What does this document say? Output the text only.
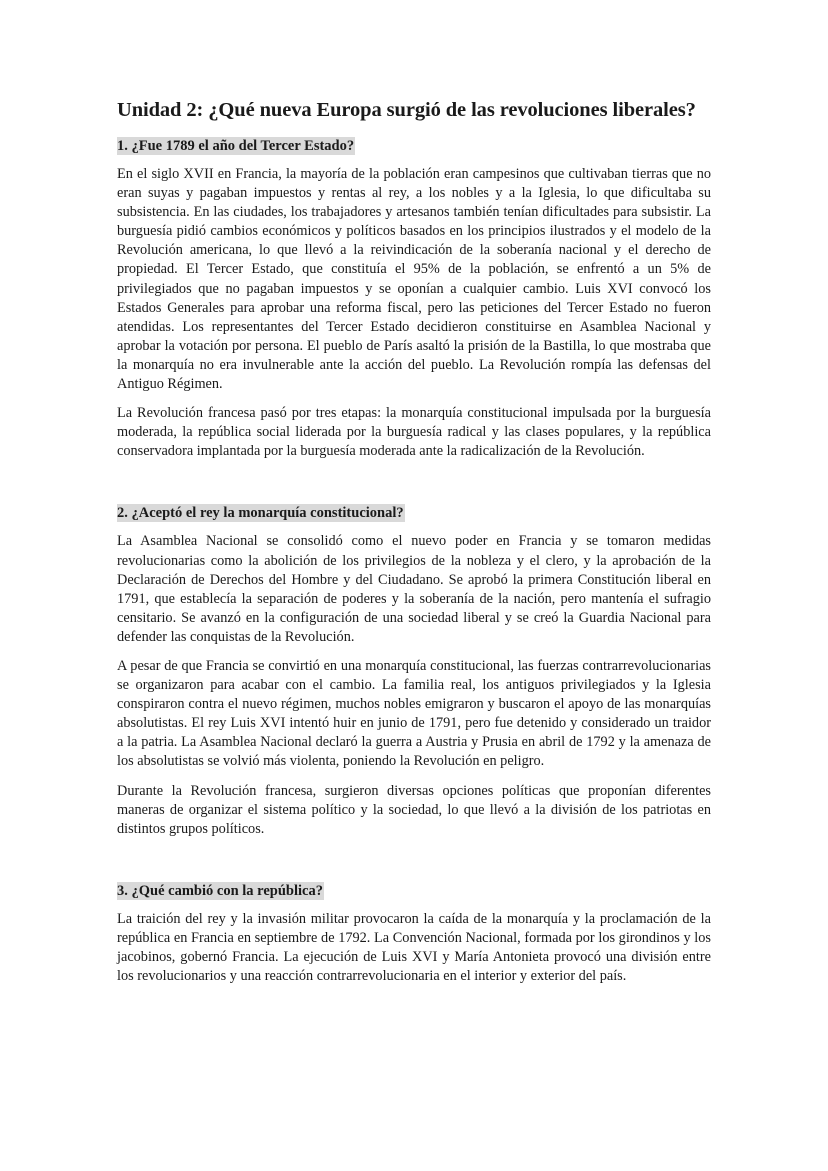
Unidad 2: ¿Qué nueva Europa surgió de las revoluciones liberales?
1. ¿Fue 1789 el año del Tercer Estado?

En el siglo XVII en Francia, la mayoría de la población eran campesinos que cultivaban tierras que no eran suyas y pagaban impuestos y rentas al rey, a los nobles y a la Iglesia, lo que dificultaba su subsistencia. En las ciudades, los trabajadores y artesanos también tenían dificultades para subsistir. La burguesía pidió cambios económicos y políticos basados en los principios ilustrados y el modelo de la Revolución americana, lo que llevó a la reivindicación de la soberanía nacional y el derecho de propiedad. El Tercer Estado, que constituía el 95% de la población, se enfrentó a un 5% de privilegiados que no pagaban impuestos y se oponían a cualquier cambio. Luis XVI convocó los Estados Generales para aprobar una reforma fiscal, pero las peticiones del Tercer Estado no fueron atendidas. Los representantes del Tercer Estado decidieron constituirse en Asamblea Nacional y aprobar la votación por persona. El pueblo de París asaltó la prisión de la Bastilla, lo que mostraba que la monarquía no era invulnerable ante la acción del pueblo. La Revolución rompía las defensas del Antiguo Régimen.

La Revolución francesa pasó por tres etapas: la monarquía constitucional impulsada por la burguesía moderada, la república social liderada por la burguesía radical y las clases populares, y la república conservadora implantada por la burguesía moderada ante la radicalización de la Revolución.

2. ¿Aceptó el rey la monarquía constitucional?

La Asamblea Nacional se consolidó como el nuevo poder en Francia y se tomaron medidas revolucionarias como la abolición de los privilegios de la nobleza y el clero, y la aprobación de la Declaración de Derechos del Hombre y del Ciudadano. Se aprobó la primera Constitución liberal en 1791, que establecía la separación de poderes y la soberanía de la nación, pero mantenía el sufragio censitario. Se avanzó en la configuración de una sociedad liberal y se creó la Guardia Nacional para defender las conquistas de la Revolución.

A pesar de que Francia se convirtió en una monarquía constitucional, las fuerzas contrarrevolucionarias se organizaron para acabar con el cambio. La familia real, los antiguos privilegiados y la Iglesia conspiraron contra el nuevo régimen, muchos nobles emigraron y buscaron el apoyo de las monarquías absolutistas. El rey Luis XVI intentó huir en junio de 1791, pero fue detenido y considerado un traidor a la patria. La Asamblea Nacional declaró la guerra a Austria y Prusia en abril de 1792 y la amenaza de los absolutistas se volvió más violenta, poniendo la Revolución en peligro.

Durante la Revolución francesa, surgieron diversas opciones políticas que proponían diferentes maneras de organizar el sistema político y la sociedad, lo que llevó a la división de los patriotas en distintos grupos políticos.

3. ¿Qué cambió con la república?

La traición del rey y la invasión militar provocaron la caída de la monarquía y la proclamación de la república en Francia en septiembre de 1792. La Convención Nacional, formada por los girondinos y los jacobinos, gobernó Francia. La ejecución de Luis XVI y María Antonieta provocó una división entre los revolucionarios y una reacción contrarrevolucionaria en el interior y exterior del país.
